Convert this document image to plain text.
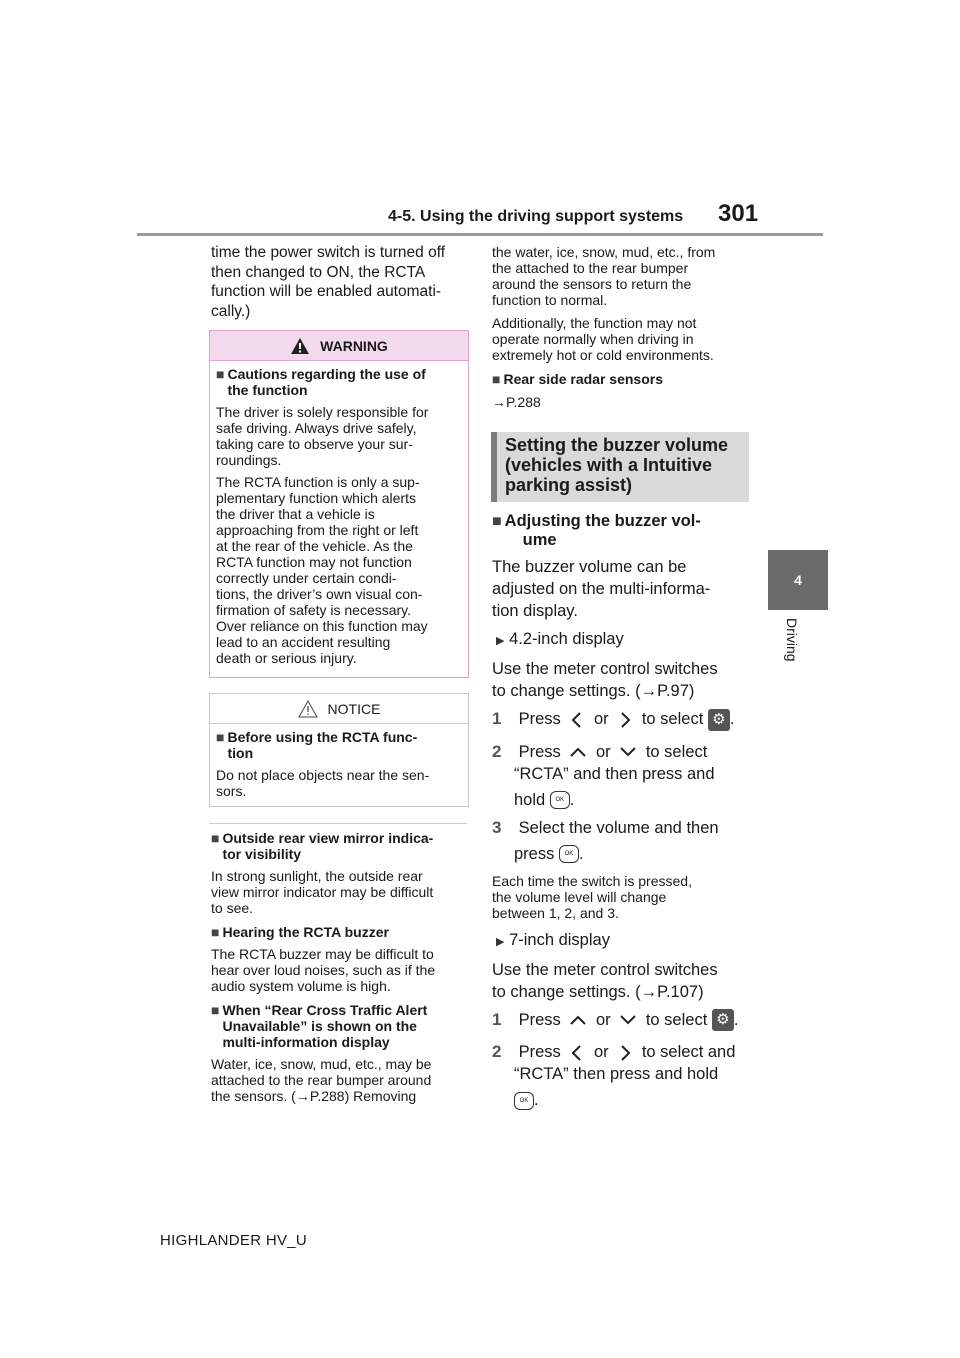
4-5. Using the driving support systems 301
4
Driving

time the power switch is turned off

then changed to ON, the RCTA

function will be enabled automati-

cally.)

WARNING
■ Cautions regarding the use of
the function

The driver is solely responsible for

safe driving. Always drive safely,

taking care to observe your sur-

roundings.

The RCTA function is only a sup-

plementary function which alerts

the driver that a vehicle is

approaching from the right or left

at the rear of the vehicle. As the

RCTA function may not function

correctly under certain condi-

tions, the driver’s own visual con-

firmation of safety is necessary.

Over reliance on this function may

lead to an accident resulting

death or serious injury.

NOTICE
■ Before using the RCTA func-
tion

Do not place objects near the sen-

sors.

■ Outside rear view mirror indica-
tor visibility

In strong sunlight, the outside rear

view mirror indicator may be difficult

to see.

■ Hearing the RCTA buzzer

The RCTA buzzer may be difficult to

hear over loud noises, such as if the

audio system volume is high.

■ When “Rear Cross Traffic Alert
Unavailable” is shown on the
multi-information display

Water, ice, snow, mud, etc., may be

attached to the rear bumper around

the sensors. (→P.288) Removing

the water, ice, snow, mud, etc., from

the attached to the rear bumper

around the sensors to return the

function to normal.

Additionally, the function may not

operate normally when driving in

extremely hot or cold environments.

■ Rear side radar sensors

→P.288

Setting the buzzer volume
(vehicles with a Intuitive
parking assist)
■ Adjusting the buzzer vol-
ume
The buzzer volume can be
adjusted on the multi-informa-
tion display.
▶ 4.2-inch display
Use the meter control switches
to change settings. (→P.97)
1 Press or to select ⚙ .
2 Press or to select
“RCTA” and then press and
hold OK .
3 Select the volume and then
press OK .

Each time the switch is pressed,

the volume level will change

between 1, 2, and 3.

▶ 7-inch display
Use the meter control switches
to change settings. (→P.107)
1 Press or to select ⚙ .
2 Press or to select and
“RCTA” then press and hold
OK .
HIGHLANDER HV_U
